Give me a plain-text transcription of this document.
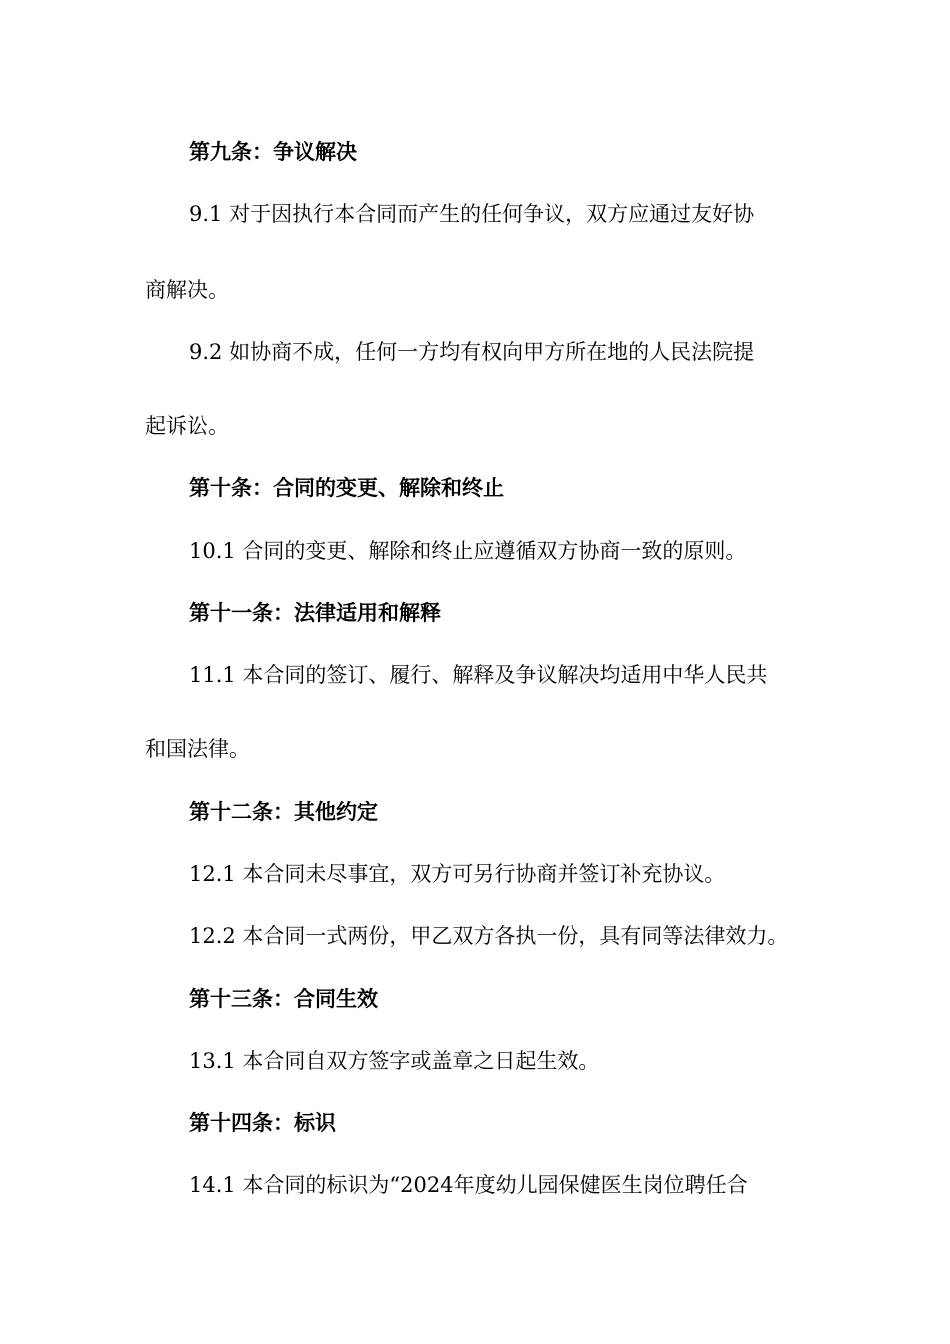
第九条：争议解决

9.1 对于因执行本合同而产生的任何争议，双方应通过友好协

商解决。

9.2 如协商不成，任何一方均有权向甲方所在地的人民法院提

起诉讼。

第十条：合同的变更、解除和终止

10.1 合同的变更、解除和终止应遵循双方协商一致的原则。

第十一条：法律适用和解释

11.1 本合同的签订、履行、解释及争议解决均适用中华人民共

和国法律。

第十二条：其他约定

12.1 本合同未尽事宜，双方可另行协商并签订补充协议。

12.2 本合同一式两份，甲乙双方各执一份，具有同等法律效力。

第十三条：合同生效

13.1 本合同自双方签字或盖章之日起生效。

第十四条：标识

14.1 本合同的标识为“2024年度幼儿园保健医生岗位聘任合
